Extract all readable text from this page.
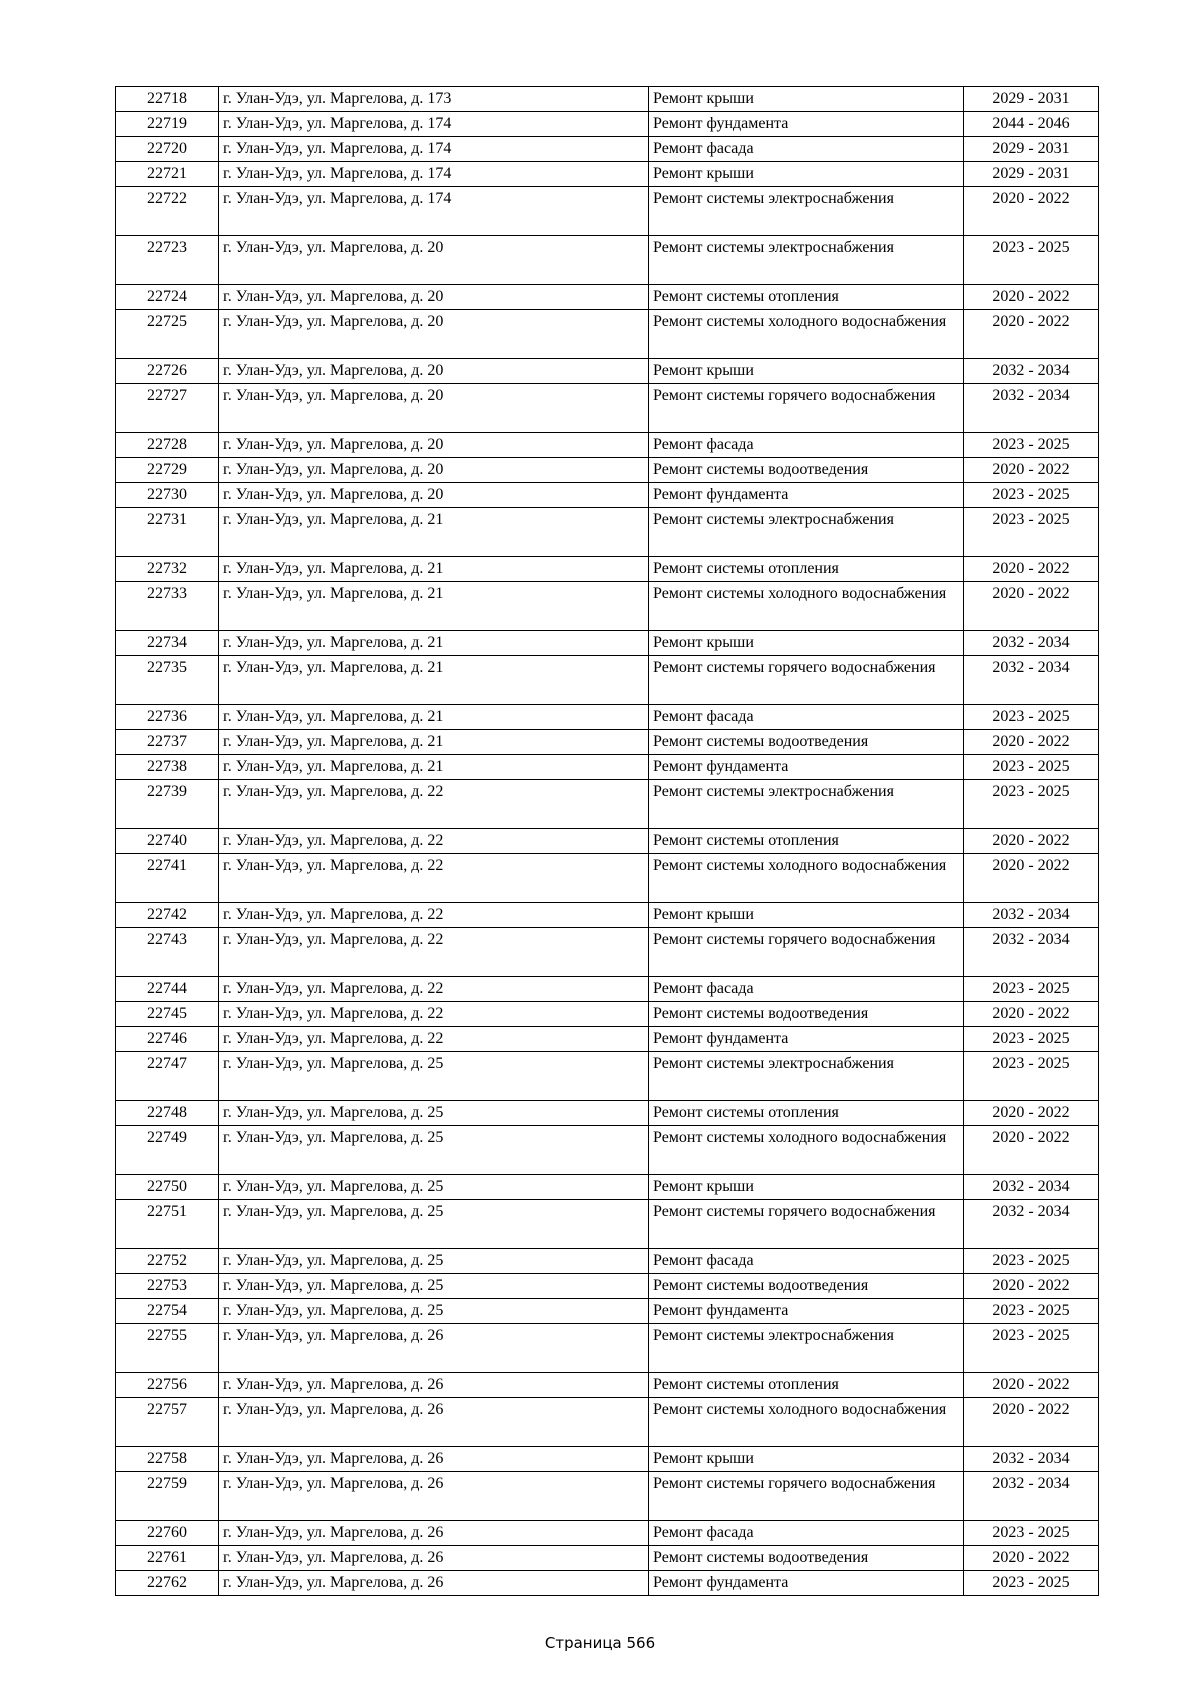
22718	г. Улан-Удэ, ул. Маргелова, д. 173	Ремонт крыши	2029 - 2031
22719	г. Улан-Удэ, ул. Маргелова, д. 174	Ремонт фундамента	2044 - 2046
22720	г. Улан-Удэ, ул. Маргелова, д. 174	Ремонт фасада	2029 - 2031
22721	г. Улан-Удэ, ул. Маргелова, д. 174	Ремонт крыши	2029 - 2031
22722	г. Улан-Удэ, ул. Маргелова, д. 174	Ремонт системы электроснабжения	2020 - 2022
22723	г. Улан-Удэ, ул. Маргелова, д. 20	Ремонт системы электроснабжения	2023 - 2025
22724	г. Улан-Удэ, ул. Маргелова, д. 20	Ремонт системы отопления	2020 - 2022
22725	г. Улан-Удэ, ул. Маргелова, д. 20	Ремонт системы холодного водоснабжения	2020 - 2022
22726	г. Улан-Удэ, ул. Маргелова, д. 20	Ремонт крыши	2032 - 2034
22727	г. Улан-Удэ, ул. Маргелова, д. 20	Ремонт системы горячего водоснабжения	2032 - 2034
22728	г. Улан-Удэ, ул. Маргелова, д. 20	Ремонт фасада	2023 - 2025
22729	г. Улан-Удэ, ул. Маргелова, д. 20	Ремонт системы водоотведения	2020 - 2022
22730	г. Улан-Удэ, ул. Маргелова, д. 20	Ремонт фундамента	2023 - 2025
22731	г. Улан-Удэ, ул. Маргелова, д. 21	Ремонт системы электроснабжения	2023 - 2025
22732	г. Улан-Удэ, ул. Маргелова, д. 21	Ремонт системы отопления	2020 - 2022
22733	г. Улан-Удэ, ул. Маргелова, д. 21	Ремонт системы холодного водоснабжения	2020 - 2022
22734	г. Улан-Удэ, ул. Маргелова, д. 21	Ремонт крыши	2032 - 2034
22735	г. Улан-Удэ, ул. Маргелова, д. 21	Ремонт системы горячего водоснабжения	2032 - 2034
22736	г. Улан-Удэ, ул. Маргелова, д. 21	Ремонт фасада	2023 - 2025
22737	г. Улан-Удэ, ул. Маргелова, д. 21	Ремонт системы водоотведения	2020 - 2022
22738	г. Улан-Удэ, ул. Маргелова, д. 21	Ремонт фундамента	2023 - 2025
22739	г. Улан-Удэ, ул. Маргелова, д. 22	Ремонт системы электроснабжения	2023 - 2025
22740	г. Улан-Удэ, ул. Маргелова, д. 22	Ремонт системы отопления	2020 - 2022
22741	г. Улан-Удэ, ул. Маргелова, д. 22	Ремонт системы холодного водоснабжения	2020 - 2022
22742	г. Улан-Удэ, ул. Маргелова, д. 22	Ремонт крыши	2032 - 2034
22743	г. Улан-Удэ, ул. Маргелова, д. 22	Ремонт системы горячего водоснабжения	2032 - 2034
22744	г. Улан-Удэ, ул. Маргелова, д. 22	Ремонт фасада	2023 - 2025
22745	г. Улан-Удэ, ул. Маргелова, д. 22	Ремонт системы водоотведения	2020 - 2022
22746	г. Улан-Удэ, ул. Маргелова, д. 22	Ремонт фундамента	2023 - 2025
22747	г. Улан-Удэ, ул. Маргелова, д. 25	Ремонт системы электроснабжения	2023 - 2025
22748	г. Улан-Удэ, ул. Маргелова, д. 25	Ремонт системы отопления	2020 - 2022
22749	г. Улан-Удэ, ул. Маргелова, д. 25	Ремонт системы холодного водоснабжения	2020 - 2022
22750	г. Улан-Удэ, ул. Маргелова, д. 25	Ремонт крыши	2032 - 2034
22751	г. Улан-Удэ, ул. Маргелова, д. 25	Ремонт системы горячего водоснабжения	2032 - 2034
22752	г. Улан-Удэ, ул. Маргелова, д. 25	Ремонт фасада	2023 - 2025
22753	г. Улан-Удэ, ул. Маргелова, д. 25	Ремонт системы водоотведения	2020 - 2022
22754	г. Улан-Удэ, ул. Маргелова, д. 25	Ремонт фундамента	2023 - 2025
22755	г. Улан-Удэ, ул. Маргелова, д. 26	Ремонт системы электроснабжения	2023 - 2025
22756	г. Улан-Удэ, ул. Маргелова, д. 26	Ремонт системы отопления	2020 - 2022
22757	г. Улан-Удэ, ул. Маргелова, д. 26	Ремонт системы холодного водоснабжения	2020 - 2022
22758	г. Улан-Удэ, ул. Маргелова, д. 26	Ремонт крыши	2032 - 2034
22759	г. Улан-Удэ, ул. Маргелова, д. 26	Ремонт системы горячего водоснабжения	2032 - 2034
22760	г. Улан-Удэ, ул. Маргелова, д. 26	Ремонт фасада	2023 - 2025
22761	г. Улан-Удэ, ул. Маргелова, д. 26	Ремонт системы водоотведения	2020 - 2022
22762	г. Улан-Удэ, ул. Маргелова, д. 26	Ремонт фундамента	2023 - 2025
Страница 566
